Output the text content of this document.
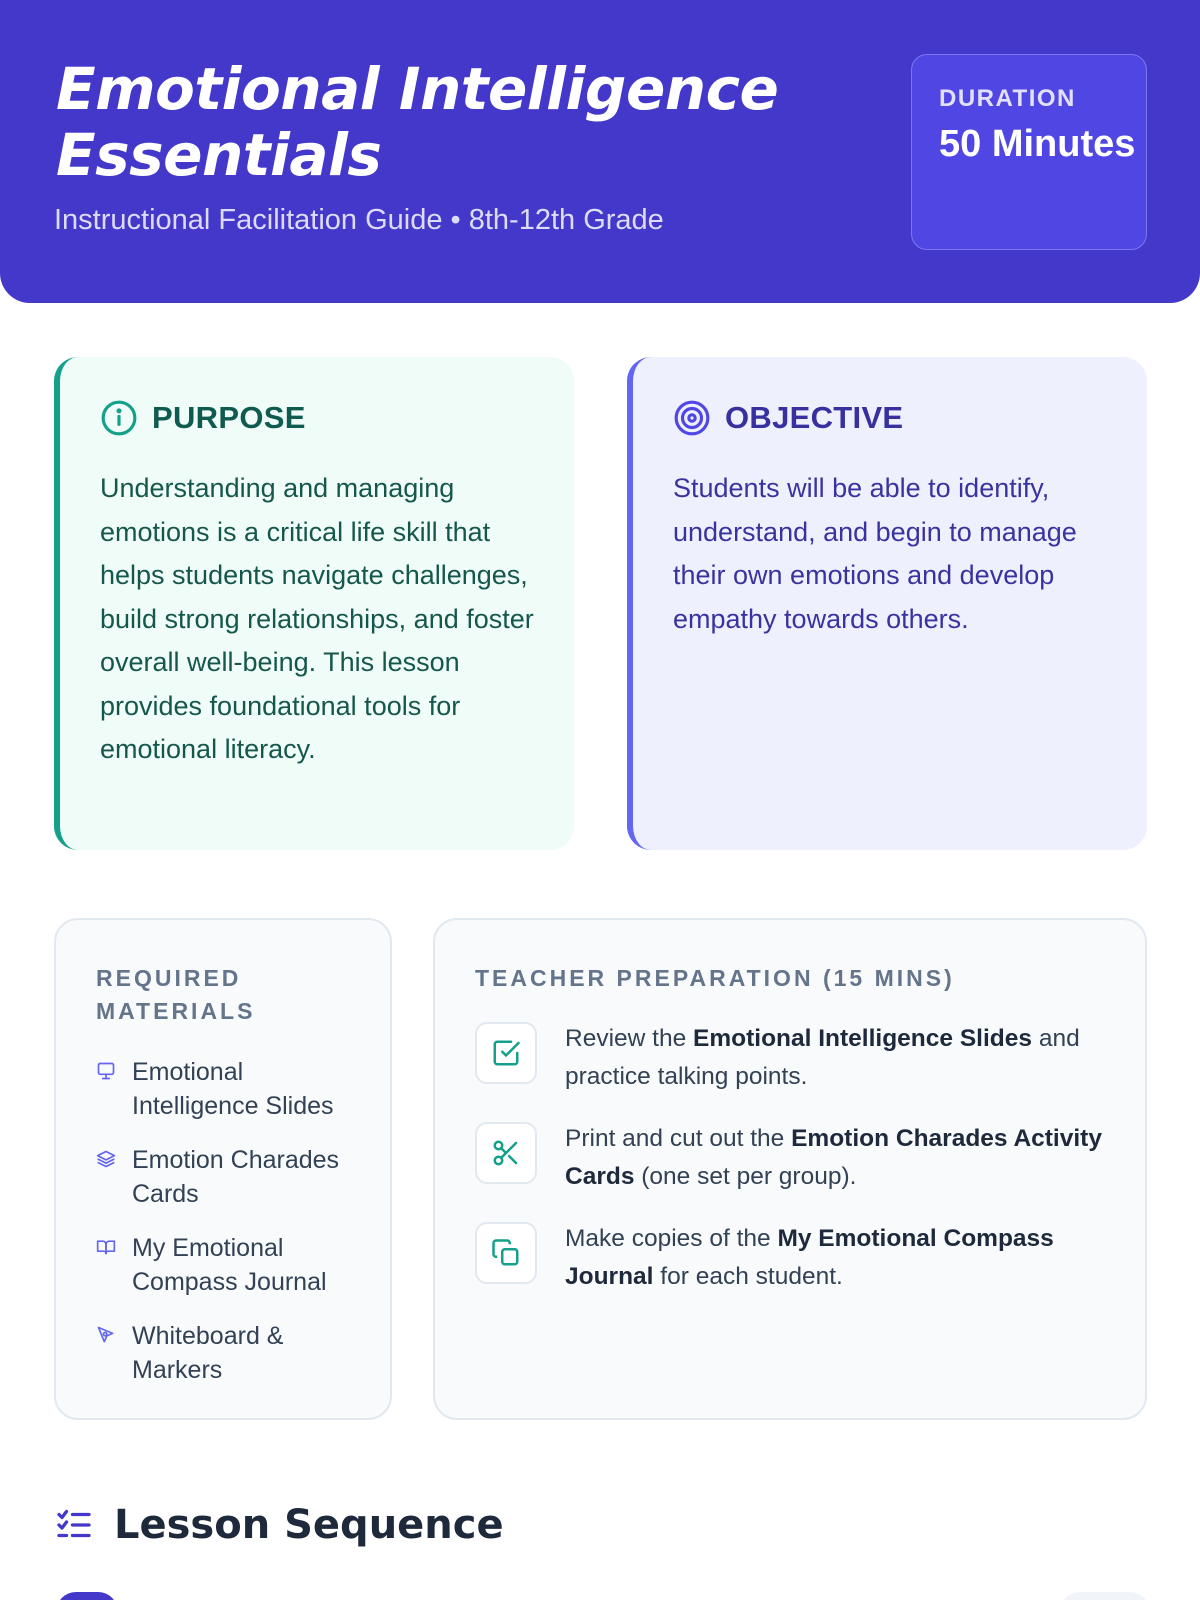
Emotional Intelligence Essentials
Instructional Facilitation Guide • 8th-12th Grade
DURATION
50 Minutes
PURPOSE
Understanding and managing emotions is a critical life skill that helps students navigate challenges, build strong relationships, and foster overall well-being. This lesson provides foundational tools for emotional literacy.
OBJECTIVE
Students will be able to identify, understand, and begin to manage their own emotions and develop empathy towards others.
REQUIRED MATERIALS
Emotional Intelligence Slides
Emotion Charades Cards
My Emotional Compass Journal
Whiteboard & Markers
TEACHER PREPARATION (15 MINS)
Review the Emotional Intelligence Slides and practice talking points.
Print and cut out the Emotion Charades Activity Cards (one set per group).
Make copies of the My Emotional Compass Journal for each student.
Lesson Sequence
